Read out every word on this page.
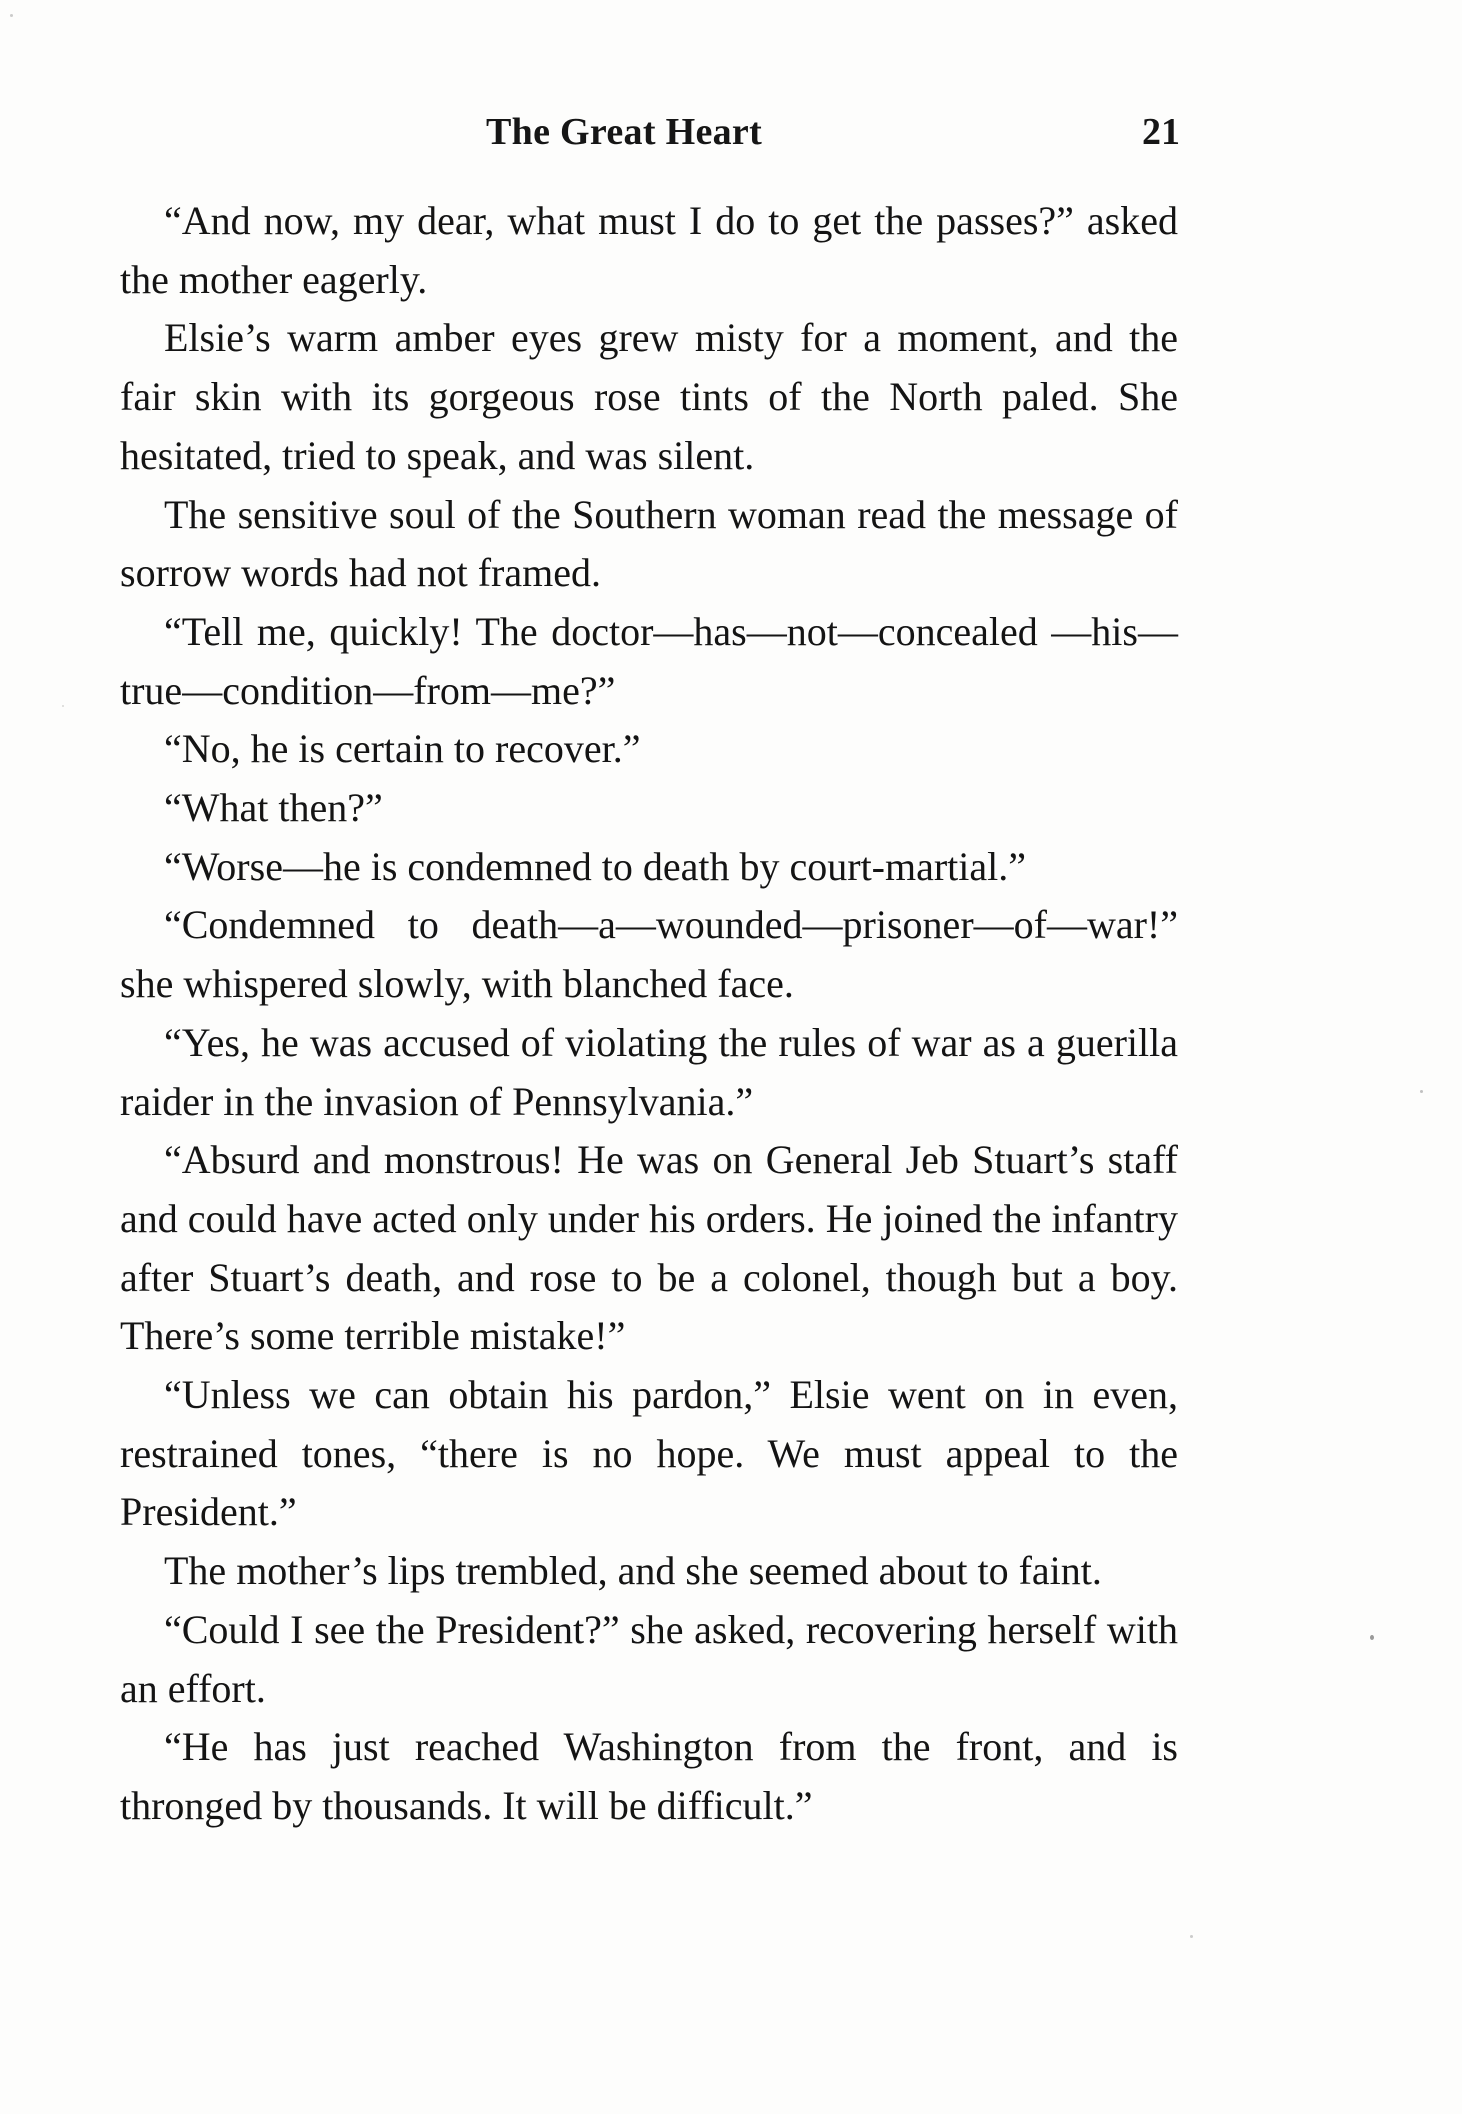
The Great Heart	21

“And now, my dear, what must I do to get the passes?” asked the mother eagerly.

Elsie’s warm amber eyes grew misty for a moment, and the fair skin with its gorgeous rose tints of the North paled. She hesitated, tried to speak, and was silent.

The sensitive soul of the Southern woman read the message of sorrow words had not framed.

“Tell me, quickly! The doctor—has—not—concealed —his—true—condition—from—me?”

“No, he is certain to recover.”

“What then?”

“Worse—he is condemned to death by court-martial.”

“Condemned to death—a—wounded—prisoner—of—war!” she whispered slowly, with blanched face.

“Yes, he was accused of violating the rules of war as a guerilla raider in the invasion of Pennsylvania.”

“Absurd and monstrous! He was on General Jeb Stuart’s staff and could have acted only under his orders. He joined the infantry after Stuart’s death, and rose to be a colonel, though but a boy. There’s some terrible mistake!”

“Unless we can obtain his pardon,” Elsie went on in even, restrained tones, “there is no hope. We must appeal to the President.”

The mother’s lips trembled, and she seemed about to faint.

“Could I see the President?” she asked, recovering herself with an effort.

“He has just reached Washington from the front, and is thronged by thousands. It will be difficult.”
